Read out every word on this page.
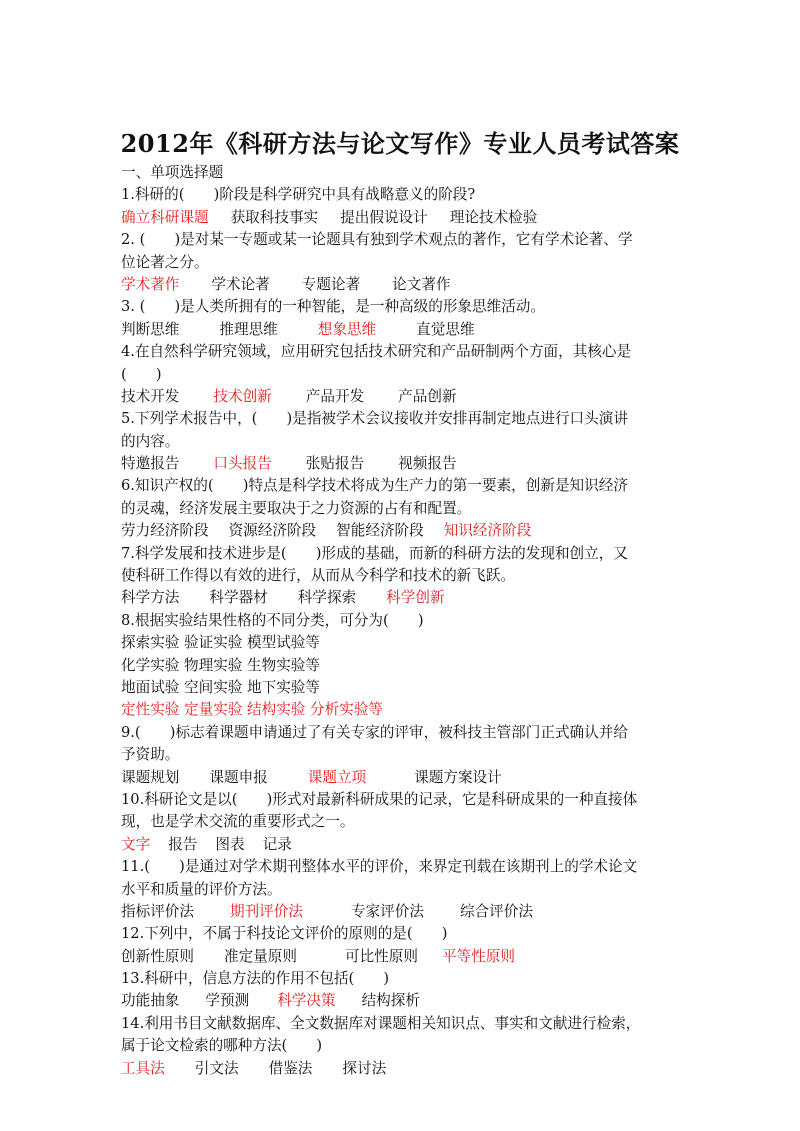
2012年《科研方法与论文写作》专业人员考试答案
一、单项选择题
1.科研的(　　)阶段是科学研究中具有战略意义的阶段?
确立科研课题 获取科技事实 提出假说设计 理论技术检验
2. (　　)是对某一专题或某一论题具有独到学术观点的著作，它有学术论著、学
位论著之分。
学术著作 学术论著 专题论著 论文著作
3. (　　)是人类所拥有的一种智能，是一种高级的形象思维活动。
判断思维	推理思维	想象思维	直觉思维
4.在自然科学研究领域，应用研究包括技术研究和产品研制两个方面，其核心是
(　　)
技术开发 技术创新 产品开发 产品创新
5.下列学术报告中，(　　)是指被学术会议接收并安排再制定地点进行口头演讲
的内容。
特邀报告 口头报告 张贴报告 视频报告
6.知识产权的(　　)特点是科学技术将成为生产力的第一要素，创新是知识经济
的灵魂，经济发展主要取决于之力资源的占有和配置。
劳力经济阶段 资源经济阶段 智能经济阶段 知识经济阶段
7.科学发展和技术进步是(　　)形成的基础，而新的科研方法的发现和创立，又
使科研工作得以有效的进行，从而从今科学和技术的新飞跃。
科学方法 科学器材 科学探索 科学创新
8.根据实验结果性格的不同分类，可分为(　　)
探索实验 验证实验 模型试验等
化学实验 物理实验 生物实验等
地面试验 空间实验 地下实验等
定性实验 定量实验 结构实验 分析实验等
9.(　　)标志着课题申请通过了有关专家的评审，被科技主管部门正式确认并给
予资助。
课题规划 课题申报	课题立项	课题方案设计
10.科研论文是以(　　)形式对最新科研成果的记录，它是科研成果的一种直接体
现，也是学术交流的重要形式之一。
文字 报告 图表 记录
11.(　　)是通过对学术期刊整体水平的评价，来界定刊载在该期刊上的学术论文
水平和质量的评价方法。
指标评价法 期刊评价法	专家评价法 综合评价法
12.下列中，不属于科技论文评价的原则的是(　　)
创新性原则 准定量原则	可比性原则 平等性原则
13.科研中，信息方法的作用不包括(　　)
功能抽象 学预测 科学决策 结构探析
14.利用书目文献数据库、全文数据库对课题相关知识点、事实和文献进行检索，
属于论文检索的哪种方法(　　)
工具法 引文法 借鉴法 探讨法
